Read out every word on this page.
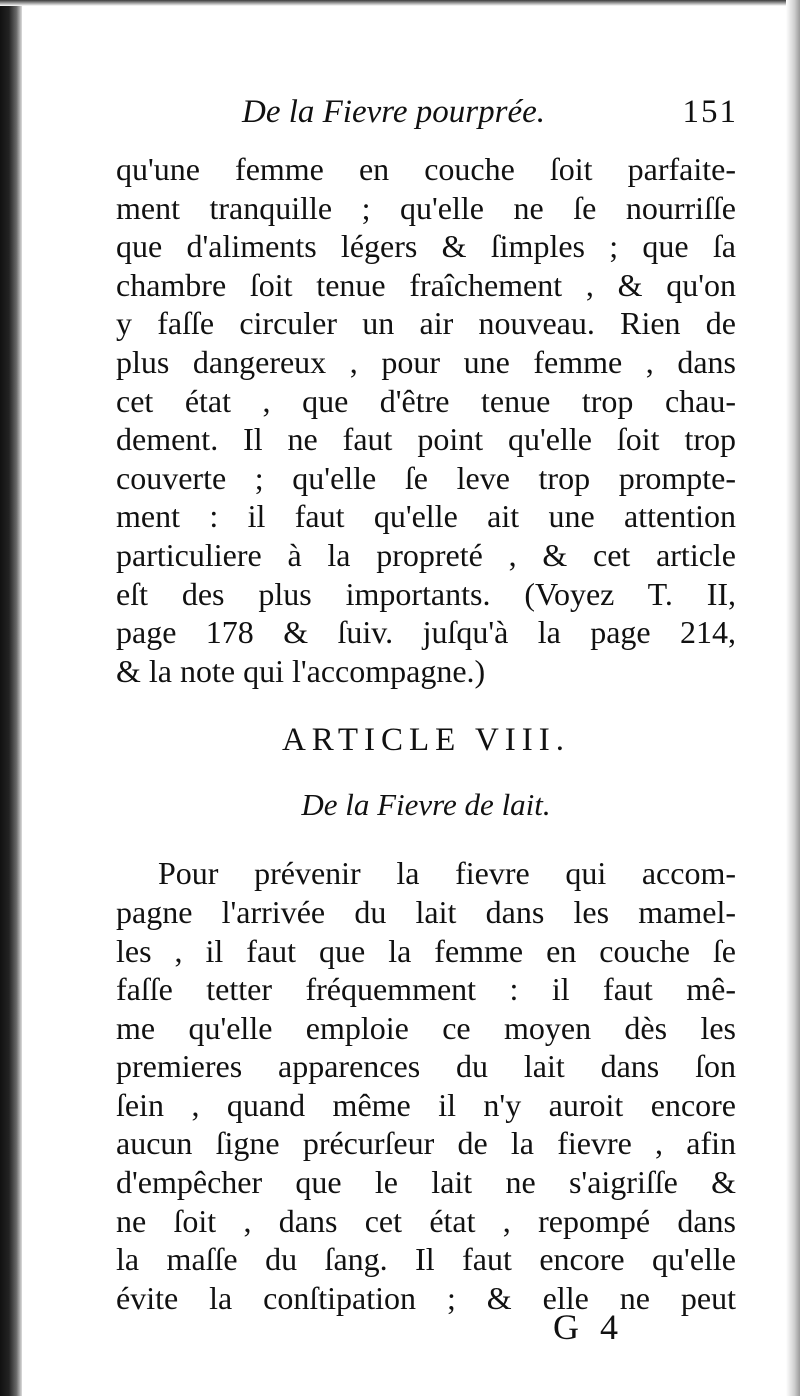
De la Fievre pourprée.	151
qu'une femme en couche ſoit parfaite-
ment tranquille ; qu'elle ne ſe nourriſſe
que d'aliments légers & ſimples ; que ſa
chambre ſoit tenue fraîchement , & qu'on
y faſſe circuler un air nouveau. Rien de
plus dangereux , pour une femme , dans
cet état , que d'être tenue trop chau-
dement. Il ne faut point qu'elle ſoit trop
couverte ; qu'elle ſe leve trop prompte-
ment : il faut qu'elle ait une attention
particuliere à la propreté , & cet article
eſt des plus importants. (Voyez T. II,
page 178 & ſuiv. juſqu'à la page 214,
& la note qui l'accompagne.)
ARTICLE VIII.
De la Fievre de lait.
Pour prévenir la fievre qui accom-
pagne l'arrivée du lait dans les mamel-
les , il faut que la femme en couche ſe
faſſe tetter fréquemment : il faut mê-
me qu'elle emploie ce moyen dès les
premieres apparences du lait dans ſon
ſein , quand même il n'y auroit encore
aucun ſigne précurſeur de la fievre , afin
d'empêcher que le lait ne s'aigriſſe &
ne ſoit , dans cet état , repompé dans
la maſſe du ſang. Il faut encore qu'elle
évite la conſtipation ; & elle ne peut
G 4
